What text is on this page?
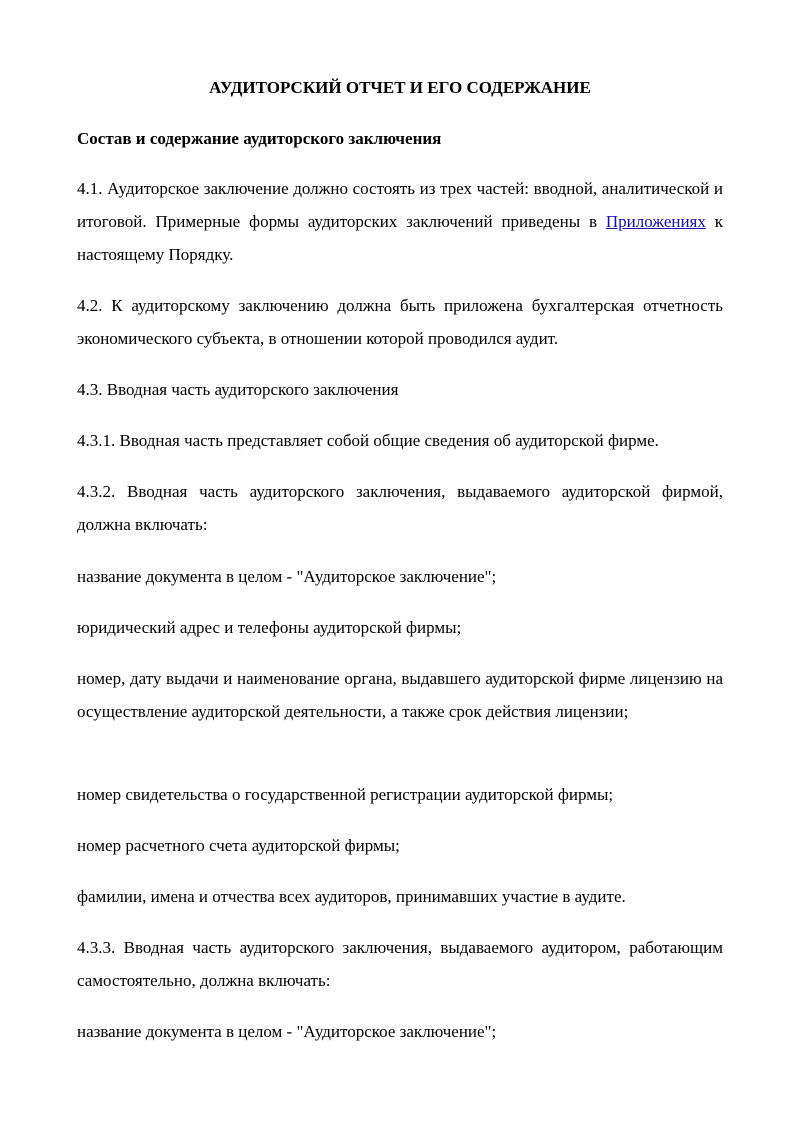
АУДИТОРСКИЙ ОТЧЕТ И ЕГО СОДЕРЖАНИЕ
Состав и содержание аудиторского заключения

4.1. Аудиторское заключение должно состоять из трех частей: вводной, аналитической и итоговой. Примерные формы аудиторских заключений приведены в Приложениях к настоящему Порядку.

4.2. К аудиторскому заключению должна быть приложена бухгалтерская отчетность экономического субъекта, в отношении которой проводился аудит.

4.3. Вводная часть аудиторского заключения

4.3.1. Вводная часть представляет собой общие сведения об аудиторской фирме.

4.3.2. Вводная часть аудиторского заключения, выдаваемого аудиторской фирмой, должна включать:

название документа в целом - "Аудиторское заключение";

юридический адрес и телефоны аудиторской фирмы;

номер, дату выдачи и наименование органа, выдавшего аудиторской фирме лицензию на осуществление аудиторской деятельности, а также срок действия лицензии;

номер свидетельства о государственной регистрации аудиторской фирмы;

номер расчетного счета аудиторской фирмы;

фамилии, имена и отчества всех аудиторов, принимавших участие в аудите.

4.3.3. Вводная часть аудиторского заключения, выдаваемого аудитором, работающим самостоятельно, должна включать:

название документа в целом - "Аудиторское заключение";
